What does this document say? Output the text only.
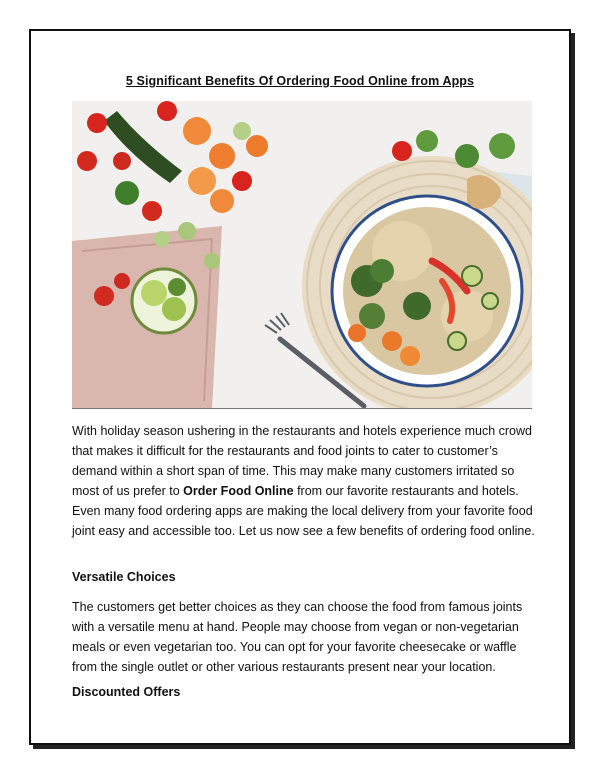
5 Significant Benefits Of Ordering Food Online from Apps

With holiday season ushering in the restaurants and hotels experience much crowd that makes it difficult for the restaurants and food joints to cater to customer’s demand within a short span of time. This may make many customers irritated so most of us prefer to Order Food Online from our favorite restaurants and hotels. Even many food ordering apps are making the local delivery from your favorite food joint easy and accessible too. Let us now see a few benefits of ordering food online.

Versatile Choices

The customers get better choices as they can choose the food from famous joints with a versatile menu at hand. People may choose from vegan or non-vegetarian meals or even vegetarian too. You can opt for your favorite cheesecake or waffle from the single outlet or other various restaurants present near your location.

Discounted Offers
